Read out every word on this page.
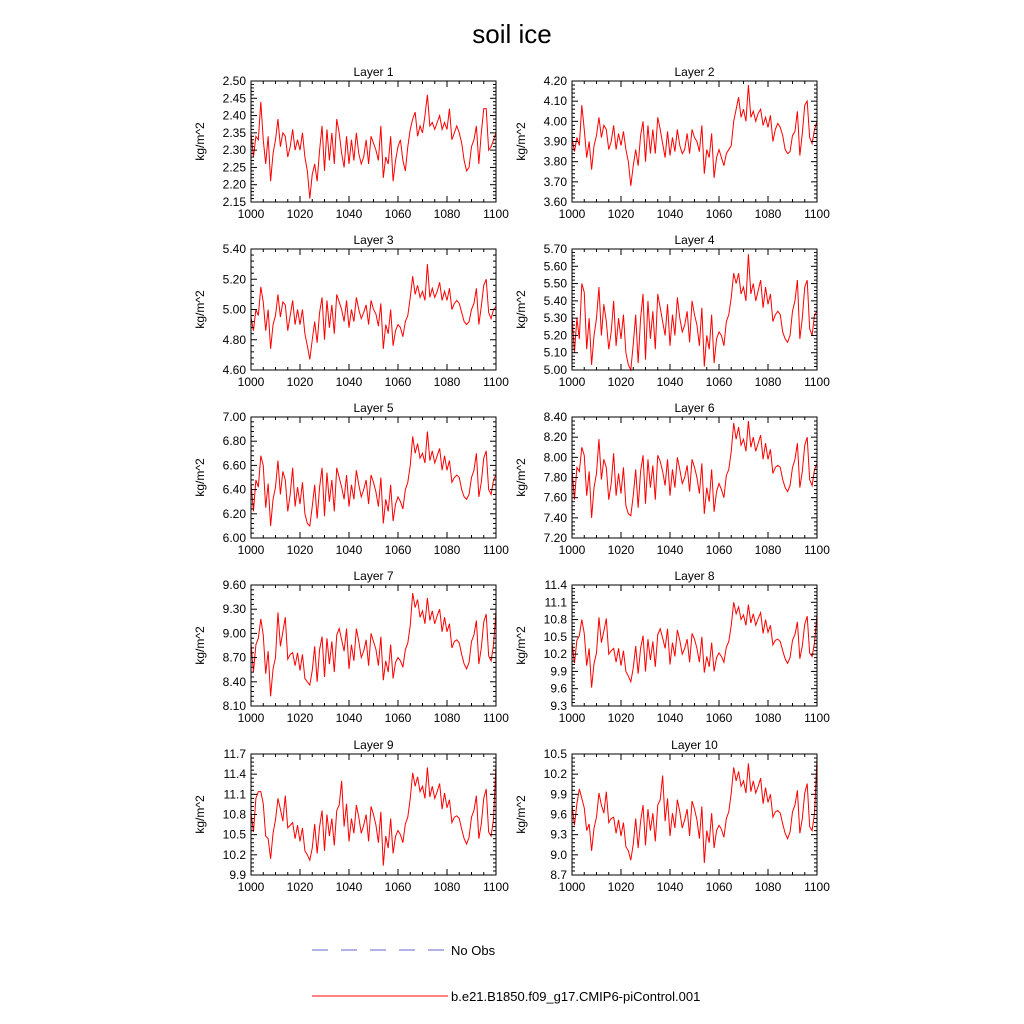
soil ice
Layer 1
kg/m^2
1000 1020 1040 1060 1080 1100
2.15
2.20
2.25
2.30
2.35
2.40
2.45
2.50
Layer 2
kg/m^2
1000 1020 1040 1060 1080 1100
3.60
3.70
3.80
3.90
4.00
4.10
4.20
Layer 3
kg/m^2
1000 1020 1040 1060 1080 1100
4.60
4.80
5.00
5.20
5.40
Layer 4
kg/m^2
1000 1020 1040 1060 1080 1100
5.00
5.10
5.20
5.30
5.40
5.50
5.60
5.70
Layer 5
kg/m^2
1000 1020 1040 1060 1080 1100
6.00
6.20
6.40
6.60
6.80
7.00
Layer 6
kg/m^2
1000 1020 1040 1060 1080 1100
7.20
7.40
7.60
7.80
8.00
8.20
8.40
Layer 7
kg/m^2
1000 1020 1040 1060 1080 1100
8.10
8.40
8.70
9.00
9.30
9.60
Layer 8
kg/m^2
1000 1020 1040 1060 1080 1100
9.3
9.6
9.9
10.2
10.5
10.8
11.1
11.4
Layer 9
kg/m^2
1000 1020 1040 1060 1080 1100
9.9
10.2
10.5
10.8
11.1
11.4
11.7
Layer 10
kg/m^2
1000 1020 1040 1060 1080 1100
8.7
9.0
9.3
9.6
9.9
10.2
10.5
No Obs
b.e21.B1850.f09_g17.CMIP6-piControl.001
